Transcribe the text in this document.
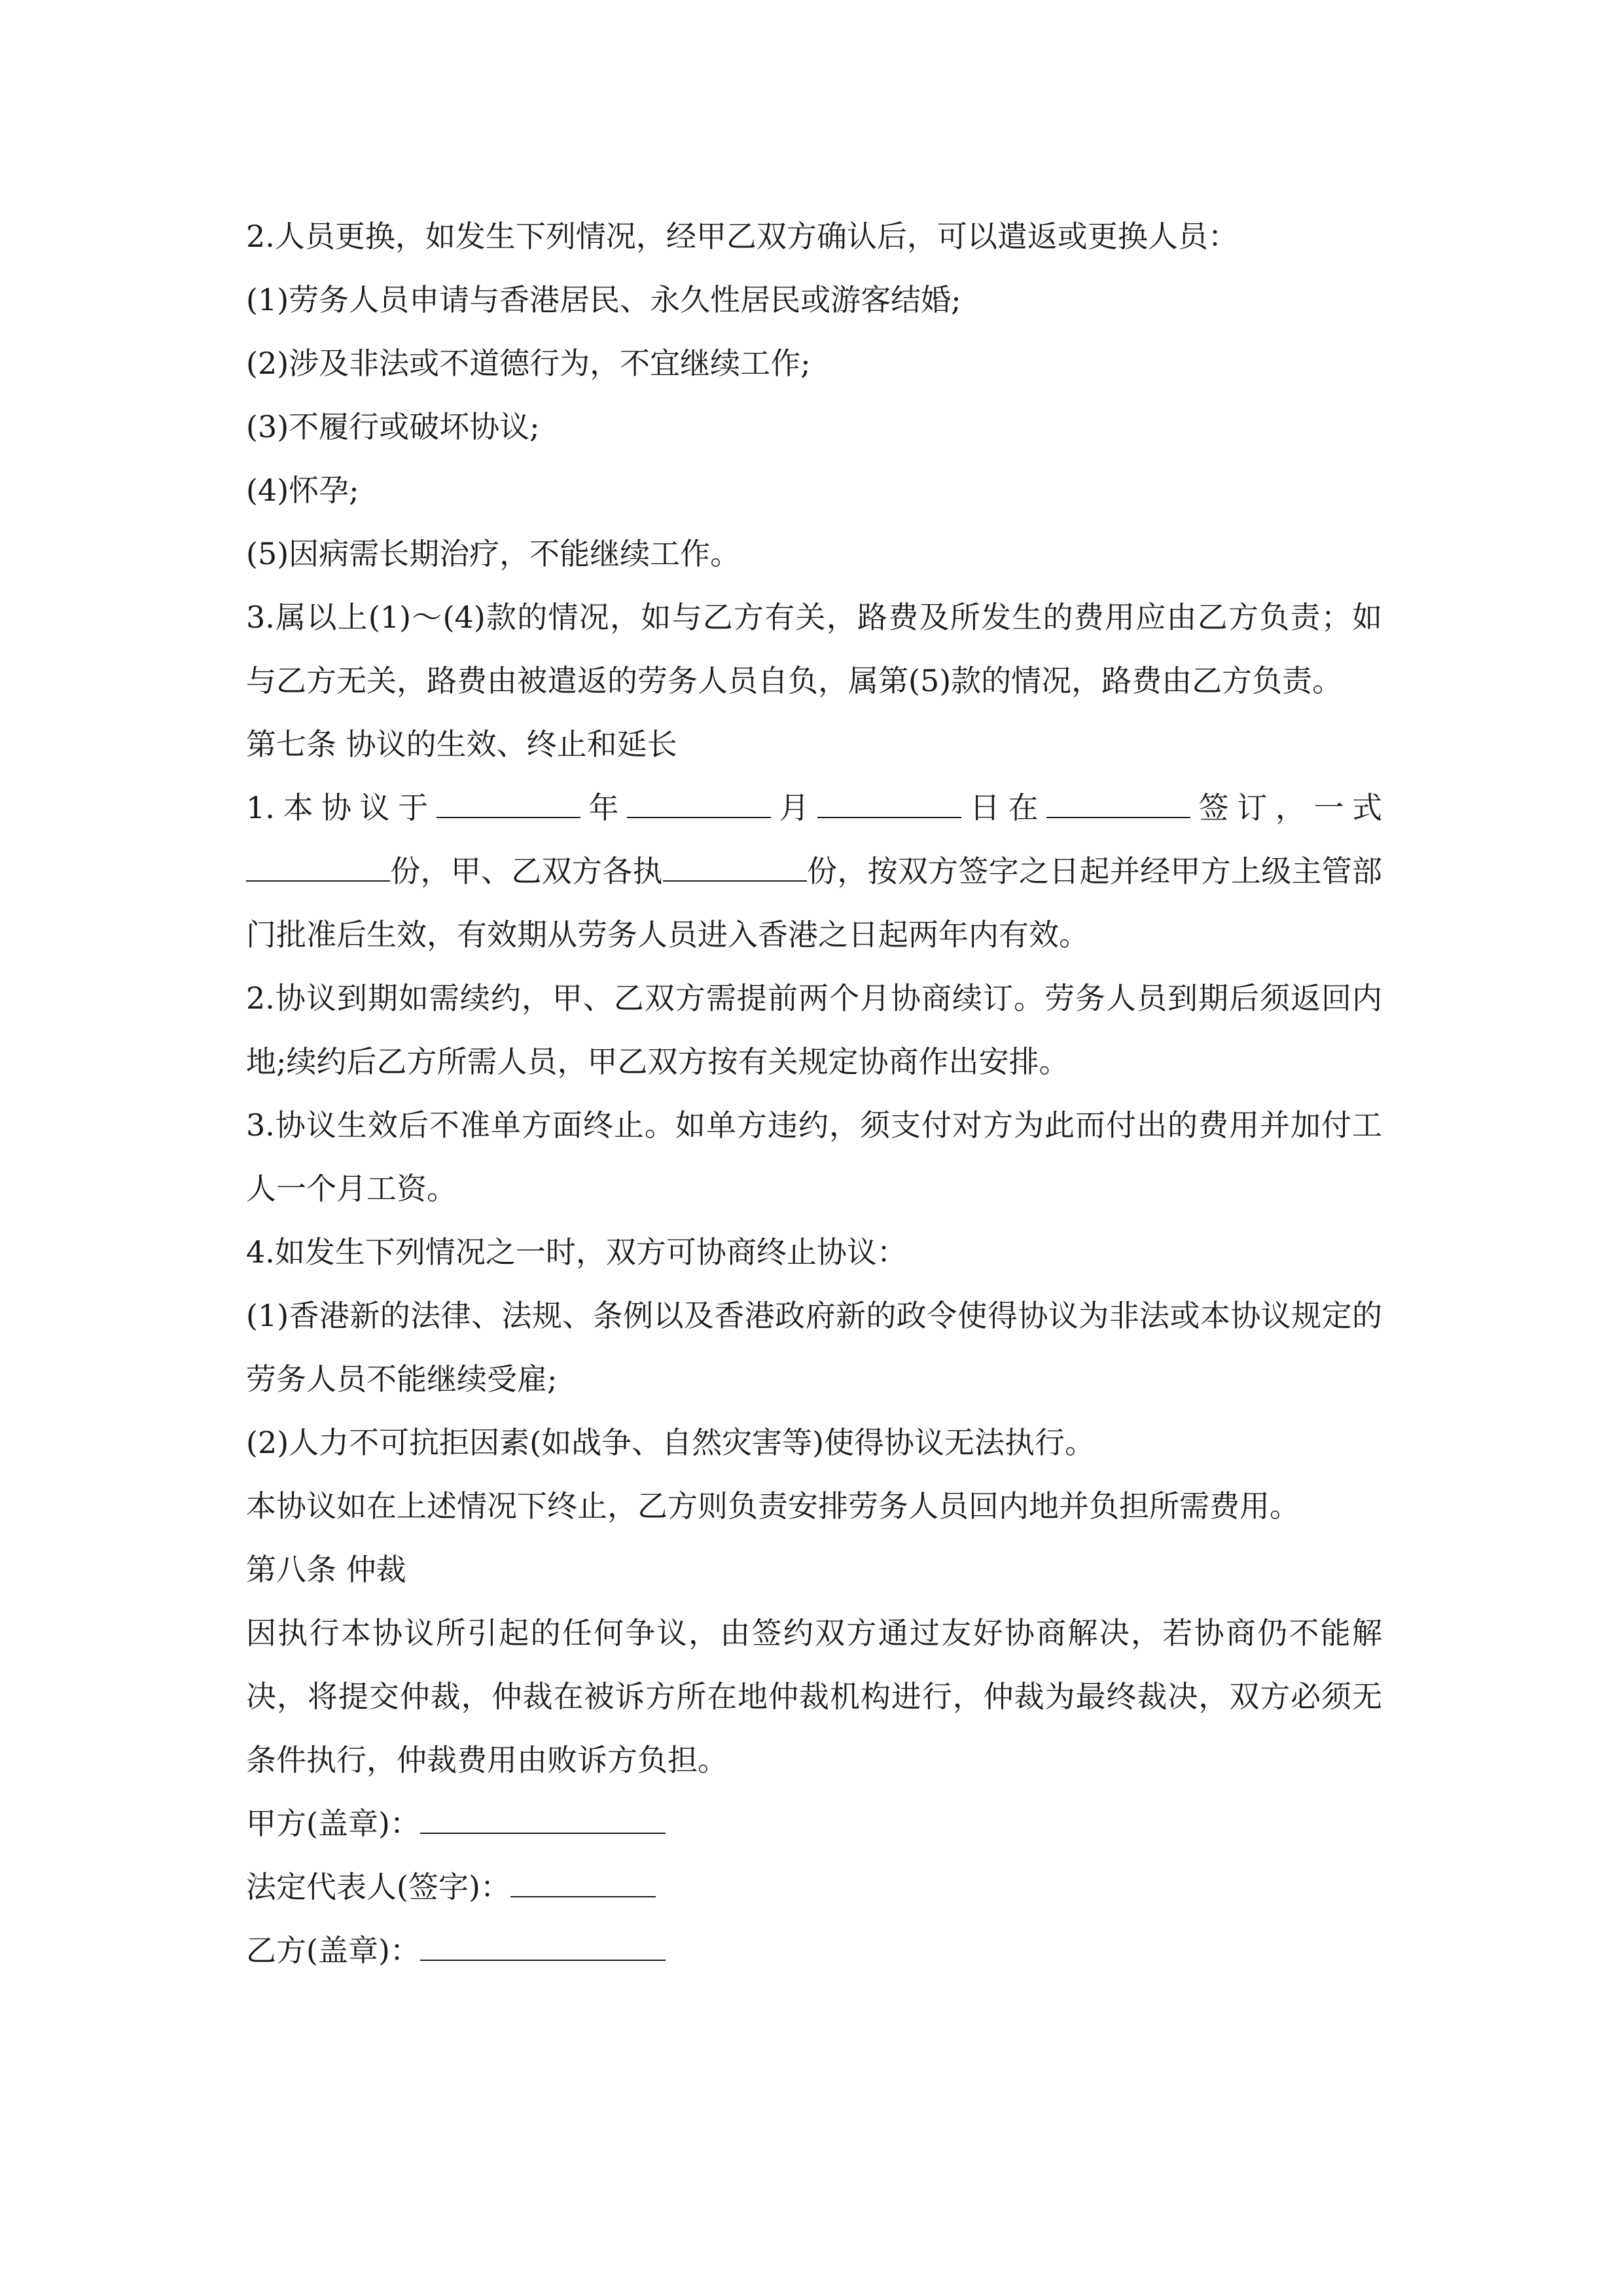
2.人员更换，如发生下列情况，经甲乙双方确认后，可以遣返或更换人员：

(1)劳务人员申请与香港居民、永久性居民或游客结婚;

(2)涉及非法或不道德行为，不宜继续工作;

(3)不履行或破坏协议;

(4)怀孕;

(5)因病需长期治疗，不能继续工作。

3.属以上(1)～(4)款的情况，如与乙方有关，路费及所发生的费用应由乙方负责；如与乙方无关，路费由被遣返的劳务人员自负，属第(5)款的情况，路费由乙方负责。

第七条 协议的生效、终止和延长

1.本协议于	年	月	日在	签订，一式份，甲、乙双方各执	份，按双方签字之日起并经甲方上级主管部门批准后生效，有效期从劳务人员进入香港之日起两年内有效。

2.协议到期如需续约，甲、乙双方需提前两个月协商续订。劳务人员到期后须返回内地;续约后乙方所需人员，甲乙双方按有关规定协商作出安排。

3.协议生效后不准单方面终止。如单方违约，须支付对方为此而付出的费用并加付工人一个月工资。

4.如发生下列情况之一时，双方可协商终止协议：

(1)香港新的法律、法规、条例以及香港政府新的政令使得协议为非法或本协议规定的劳务人员不能继续受雇;

(2)人力不可抗拒因素(如战争、自然灾害等)使得协议无法执行。

本协议如在上述情况下终止，乙方则负责安排劳务人员回内地并负担所需费用。

第八条 仲裁

因执行本协议所引起的任何争议，由签约双方通过友好协商解决，若协商仍不能解决，将提交仲裁，仲裁在被诉方所在地仲裁机构进行，仲裁为最终裁决，双方必须无条件执行，仲裁费用由败诉方负担。

甲方(盖章)：

法定代表人(签字)：

乙方(盖章)：
